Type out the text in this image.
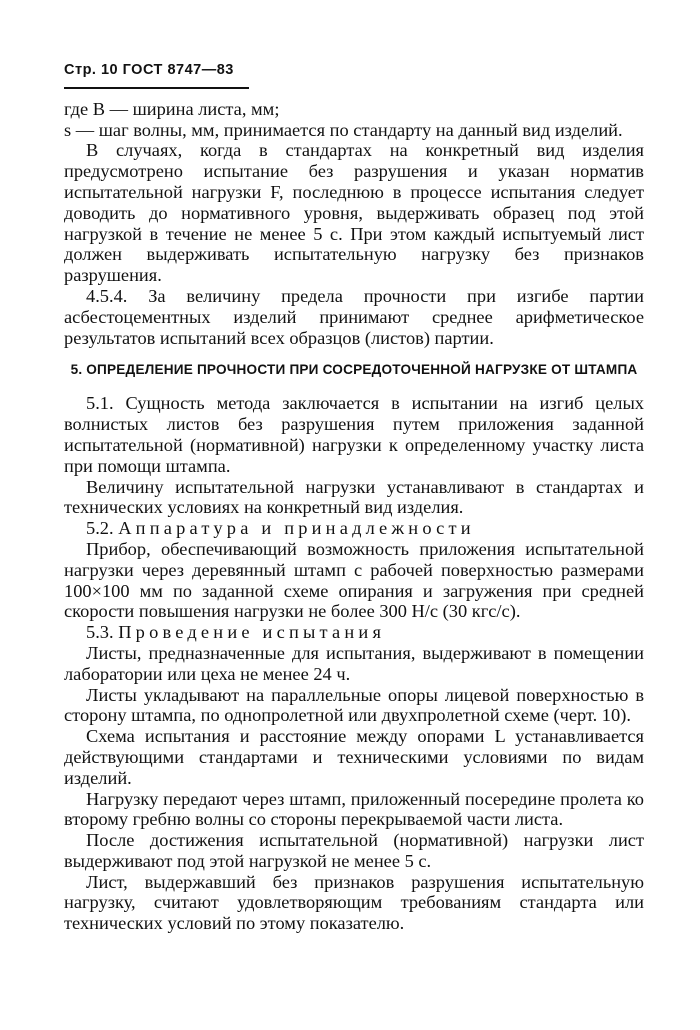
Стр. 10 ГОСТ 8747—83

где B — ширина листа, мм;

s — шаг волны, мм, принимается по стандарту на данный вид изделий.

В случаях, когда в стандартах на конкретный вид изделия предусмотрено испытание без разрушения и указан норматив испытательной нагрузки F, последнюю в процессе испытания следует доводить до нормативного уровня, выдерживать образец под этой нагрузкой в течение не менее 5 с. При этом каждый испытуемый лист должен выдерживать испытательную нагрузку без признаков разрушения.

4.5.4. За величину предела прочности при изгибе партии асбестоцементных изделий принимают среднее арифметическое результатов испытаний всех образцов (листов) партии.

5. ОПРЕДЕЛЕНИЕ ПРОЧНОСТИ ПРИ СОСРЕДОТОЧЕННОЙ НАГРУЗКЕ ОТ ШТАМПА

5.1. Сущность метода заключается в испытании на изгиб целых волнистых листов без разрушения путем приложения заданной испытательной (нормативной) нагрузки к определенному участку листа при помощи штампа.

Величину испытательной нагрузки устанавливают в стандартах и технических условиях на конкретный вид изделия.

5.2. Аппаратура и принадлежности

Прибор, обеспечивающий возможность приложения испытательной нагрузки через деревянный штамп с рабочей поверхностью размерами 100×100 мм по заданной схеме опирания и загружения при средней скорости повышения нагрузки не более 300 Н/с (30 кгс/с).

5.3. Проведение испытания

Листы, предназначенные для испытания, выдерживают в помещении лаборатории или цеха не менее 24 ч.

Листы укладывают на параллельные опоры лицевой поверхностью в сторону штампа, по однопролетной или двухпролетной схеме (черт. 10).

Схема испытания и расстояние между опорами L устанавливается действующими стандартами и техническими условиями по видам изделий.

Нагрузку передают через штамп, приложенный посередине пролета ко второму гребню волны со стороны перекрываемой части листа.

После достижения испытательной (нормативной) нагрузки лист выдерживают под этой нагрузкой не менее 5 с.

Лист, выдержавший без признаков разрушения испытательную нагрузку, считают удовлетворяющим требованиям стандарта или технических условий по этому показателю.
